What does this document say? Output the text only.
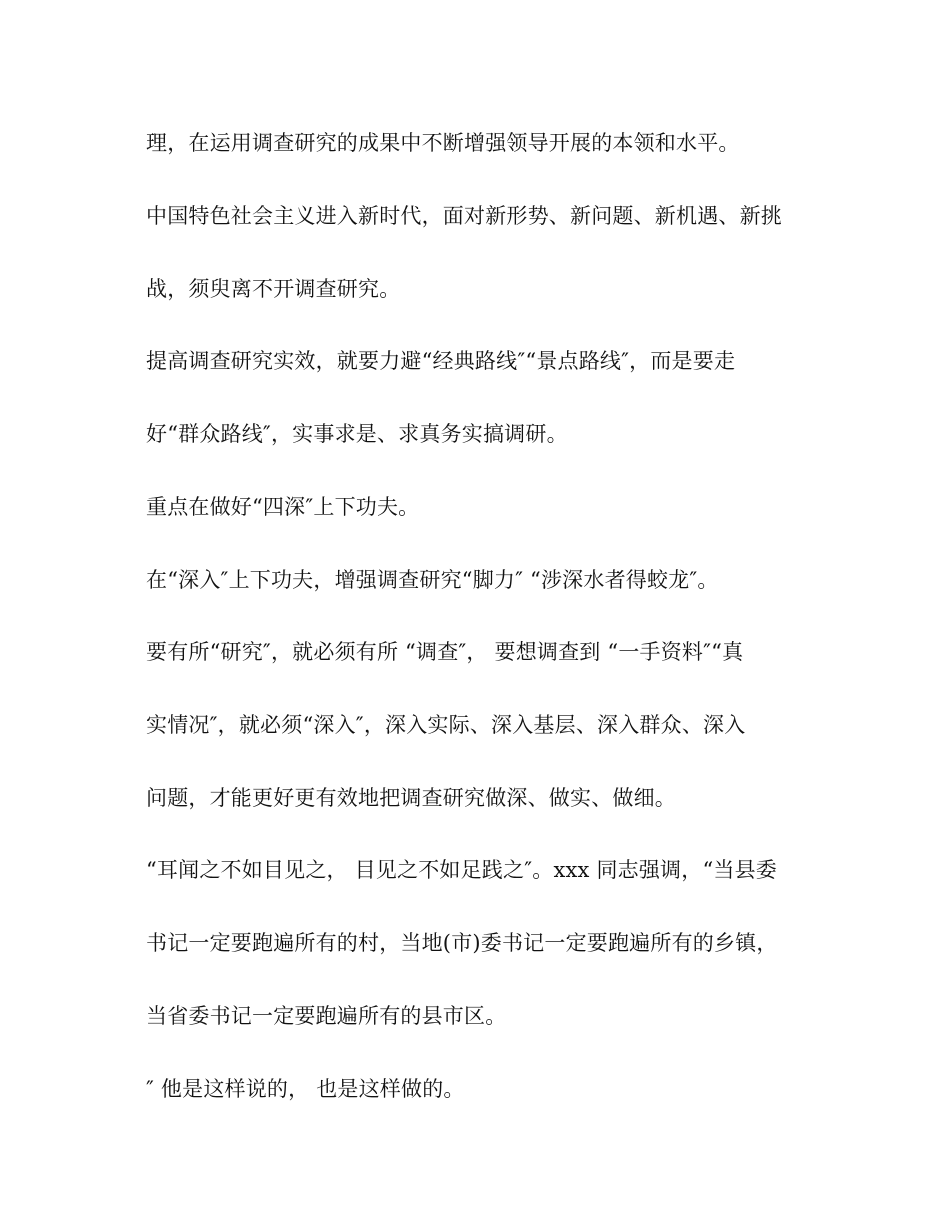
理，在运用调查研究的成果中不断增强领导开展的本领和水平。

中国特色社会主义进入新时代，面对新形势、新问题、新机遇、新挑

战，须臾离不开调查研究。

提高调查研究实效，就要力避“经典路线″“景点路线″，而是要走

好“群众路线″，实事求是、求真务实搞调研。

重点在做好“四深″上下功夫。

在“深入″上下功夫，增强调查研究“脚力″ “涉深水者得蛟龙″。

要有所“研究″，就必须有所 “调查″， 要想调查到 “一手资料″“真

实情况″，就必须“深入″，深入实际、深入基层、深入群众、深入

问题，才能更好更有效地把调查研究做深、做实、做细。

“耳闻之不如目见之， 目见之不如足践之″。xxx 同志强调，“当县委

书记一定要跑遍所有的村，当地(市)委书记一定要跑遍所有的乡镇，

当省委书记一定要跑遍所有的县市区。

″ 他是这样说的， 也是这样做的。
